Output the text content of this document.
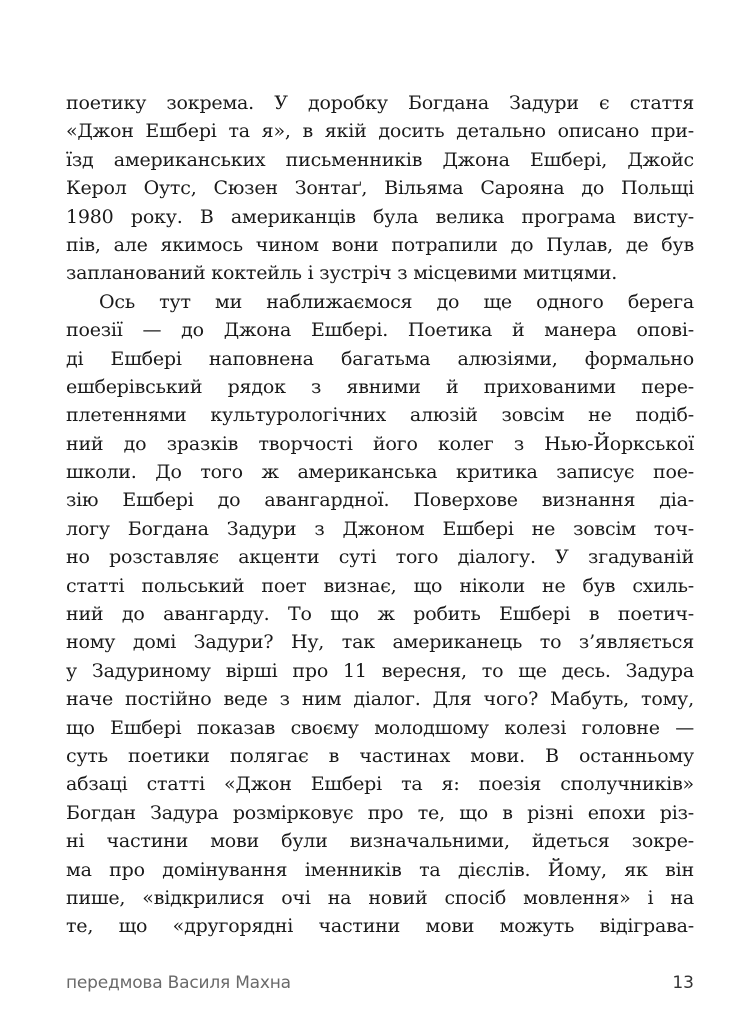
поетику зокрема. У доробку Богдана Задури є стаття
«Джон Ешбері та я», в якій досить детально описано при-
їзд американських письменників Джона Ешбері, Джойс
Керол Оутс, Сюзен Зонтаґ, Вільяма Сарояна до Польщі
1980 року. В американців була велика програма висту-
пів, але якимось чином вони потрапили до Пулав, де був
запланований коктейль і зустріч з місцевими митцями.
Ось тут ми наближаємося до ще одного берега
поезії — до Джона Ешбері. Поетика й манера опові-
ді Ешбері наповнена багатьма алюзіями, формально
ешберівський рядок з явними й прихованими пере-
плетеннями культурологічних алюзій зовсім не подіб-
ний до зразків творчості його колег з Нью-Йоркської
школи. До того ж американська критика записує пое-
зію Ешбері до авангардної. Поверхове визнання діа-
логу Богдана Задури з Джоном Ешбері не зовсім точ-
но розставляє акценти суті того діалогу. У згадуваній
статті польський поет визнає, що ніколи не був схиль-
ний до авангарду. То що ж робить Ешбері в поетич-
ному домі Задури? Ну, так американець то з’являється
у Задуриному вірші про 11 вересня, то ще десь. Задура
наче постійно веде з ним діалог. Для чого? Мабуть, тому,
що Ешбері показав своєму молодшому колезі головне —
суть поетики полягає в частинах мови. В останньому
абзаці статті «Джон Ешбері та я: поезія сполучників»
Богдан Задура розмірковує про те, що в різні епохи різ-
ні частини мови були визначальними, йдеться зокре-
ма про домінування іменників та дієслів. Йому, як він
пише, «відкрилися очі на новий спосіб мовлення» і на
те, що «другорядні частини мови можуть відіграва-
передмова Василя Махна	13
